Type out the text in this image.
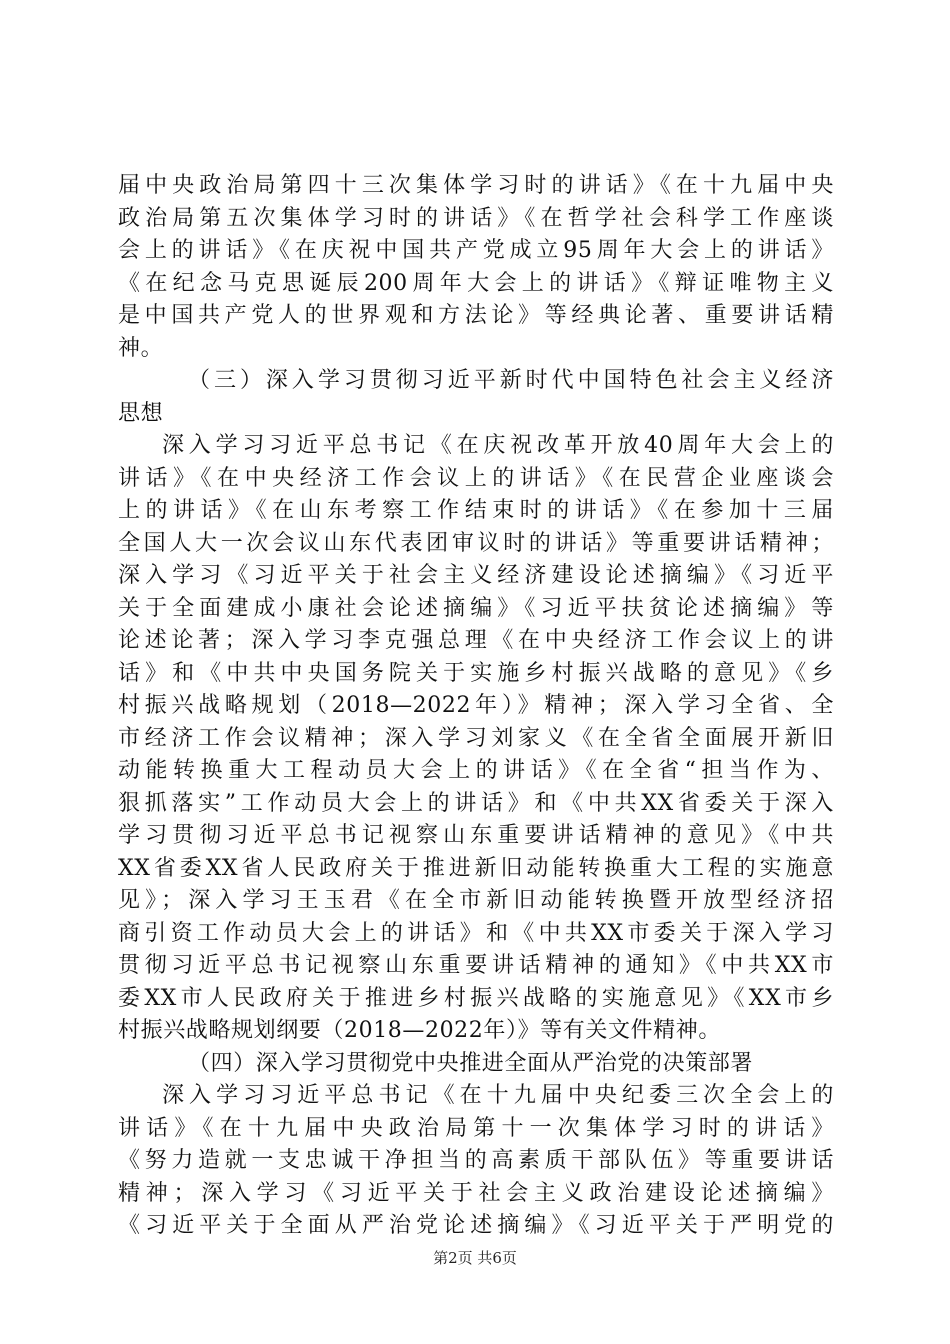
届中央政治局第四十三次集体学习时的讲话》《在十九届中央
政治局第五次集体学习时的讲话》《在哲学社会科学工作座谈
会上的讲话》《在庆祝中国共产党成立95周年大会上的讲话》
《在纪念马克思诞辰200周年大会上的讲话》《辩证唯物主义
是中国共产党人的世界观和方法论》等经典论著、重要讲话精
神。
（三）深入学习贯彻习近平新时代中国特色社会主义经济
思想
深入学习习近平总书记《在庆祝改革开放40周年大会上的
讲话》《在中央经济工作会议上的讲话》《在民营企业座谈会
上的讲话》《在山东考察工作结束时的讲话》《在参加十三届
全国人大一次会议山东代表团审议时的讲话》等重要讲话精神；
深入学习《习近平关于社会主义经济建设论述摘编》《习近平
关于全面建成小康社会论述摘编》《习近平扶贫论述摘编》等
论述论著；深入学习李克强总理《在中央经济工作会议上的讲
话》和《中共中央国务院关于实施乡村振兴战略的意见》《乡
村振兴战略规划（2018—2022年）》精神；深入学习全省、全
市经济工作会议精神；深入学习刘家义《在全省全面展开新旧
动能转换重大工程动员大会上的讲话》《在全省“担当作为、
狠抓落实”工作动员大会上的讲话》和《中共XX省委关于深入
学习贯彻习近平总书记视察山东重要讲话精神的意见》《中共
XX省委XX省人民政府关于推进新旧动能转换重大工程的实施意
见》；深入学习王玉君《在全市新旧动能转换暨开放型经济招
商引资工作动员大会上的讲话》和《中共XX市委关于深入学习
贯彻习近平总书记视察山东重要讲话精神的通知》《中共XX市
委XX市人民政府关于推进乡村振兴战略的实施意见》《XX市乡
村振兴战略规划纲要（2018—2022年）》等有关文件精神。
（四）深入学习贯彻党中央推进全面从严治党的决策部署
深入学习习近平总书记《在十九届中央纪委三次全会上的
讲话》《在十九届中央政治局第十一次集体学习时的讲话》
《努力造就一支忠诚干净担当的高素质干部队伍》等重要讲话
精神；深入学习《习近平关于社会主义政治建设论述摘编》
《习近平关于全面从严治党论述摘编》《习近平关于严明党的
第2页 共6页
